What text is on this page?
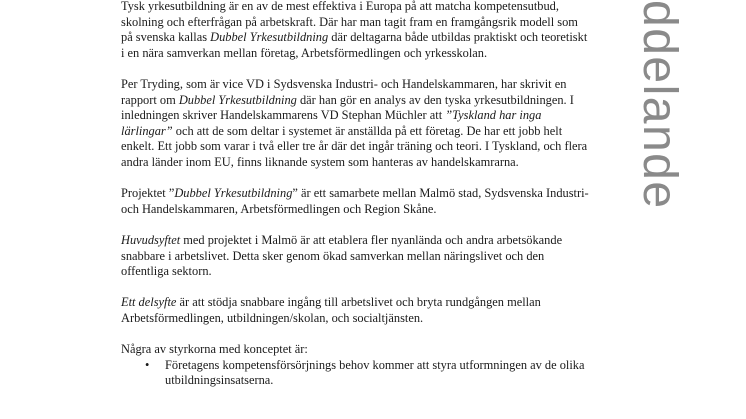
Tysk yrkesutbildning är en av de mest effektiva i Europa på att matcha kompetensutbud, skolning och efterfrågan på arbetskraft. Där har man tagit fram en framgångsrik modell som på svenska kallas Dubbel Yrkesutbildning där deltagarna både utbildas praktiskt och teoretiskt i en nära samverkan mellan företag, Arbetsförmedlingen och yrkesskolan.

Per Tryding, som är vice VD i Sydsvenska Industri- och Handelskammaren, har skrivit en rapport om Dubbel Yrkesutbildning där han gör en analys av den tyska yrkesutbildningen. I inledningen skriver Handelskammarens VD Stephan Müchler att ”Tyskland har inga lärlingar” och att de som deltar i systemet är anställda på ett företag. De har ett jobb helt enkelt. Ett jobb som varar i två eller tre år där det ingår träning och teori. I Tyskland, och flera andra länder inom EU, finns liknande system som hanteras av handelskamrarna.

Projektet ”Dubbel Yrkesutbildning” är ett samarbete mellan Malmö stad, Sydsvenska Industri- och Handelskammaren, Arbetsförmedlingen och Region Skåne.

Huvudsyftet med projektet i Malmö är att etablera fler nyanlända och andra arbetsökande snabbare i arbetslivet. Detta sker genom ökad samverkan mellan näringslivet och den offentliga sektorn.

Ett delsyfte är att stödja snabbare ingång till arbetslivet och bryta rundgången mellan Arbetsförmedlingen, utbildningen/skolan, och socialtjänsten.

Några av styrkorna med konceptet är:

• Företagens kompetensförsörjnings behov kommer att styra utformningen av de olika utbildningsinsatserna.
ddelande
